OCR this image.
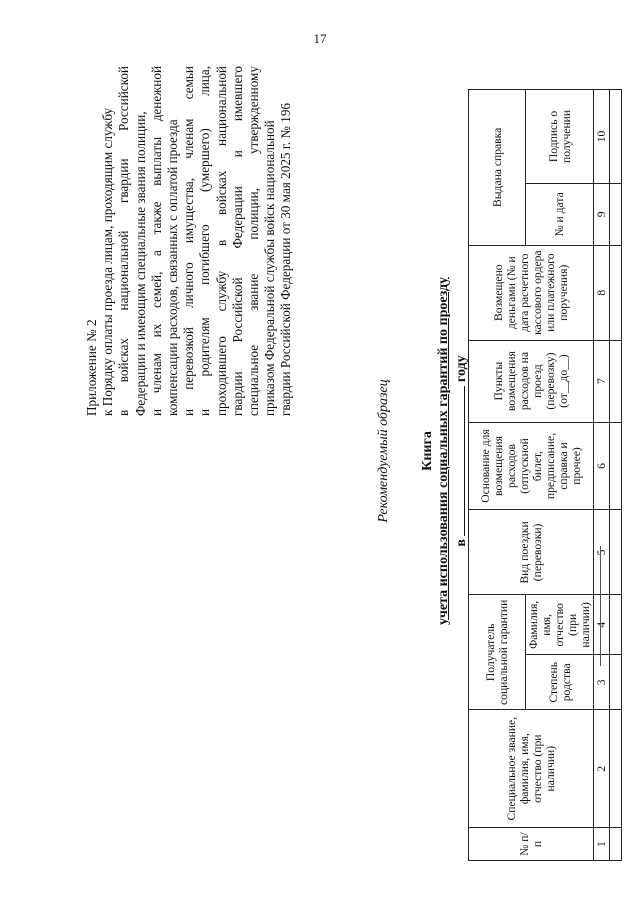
17
Приложение № 2 к Порядку оплаты проезда лицам, проходящим службу в войсках национальной гвардии Российской Федерации и имеющим специальные звания полиции, и членам их семей, а также выплаты денежной компенсации расходов, связанных с оплатой проезда и перевозкой личного имущества, членам семьи и родителям погибшего (умершего) лица, проходившего службу в войсках национальной гвардии Российской Федерации и имевшего специальное звание полиции, утвержденному приказом Федеральной службы войск национальной гвардии Российской Федерации от 30 мая 2025 г. № 196
Рекомендуемый образец Книга учета использования социальных гарантий по проезду в  году
№ п/п	Специальное звание, фамилия, имя, отчество (при наличии)	Получатель социальной гарантии		Вид поездки (перевозки)	Основание для возмещения расходов (отпускной билет, предписание, справка и прочее)	Пункты возмещения расходов на проезд (перевозку) (от__до__)	Возмещено деньгами (№ и дата расчетного кассового ордера или платежного поручения)	Выдана справка	
		Степень родства	Фамилия, имя, отчество (при наличии)					№ и дата	Подпись о получении
1	2	3	4	5	6	7	8	9	10
